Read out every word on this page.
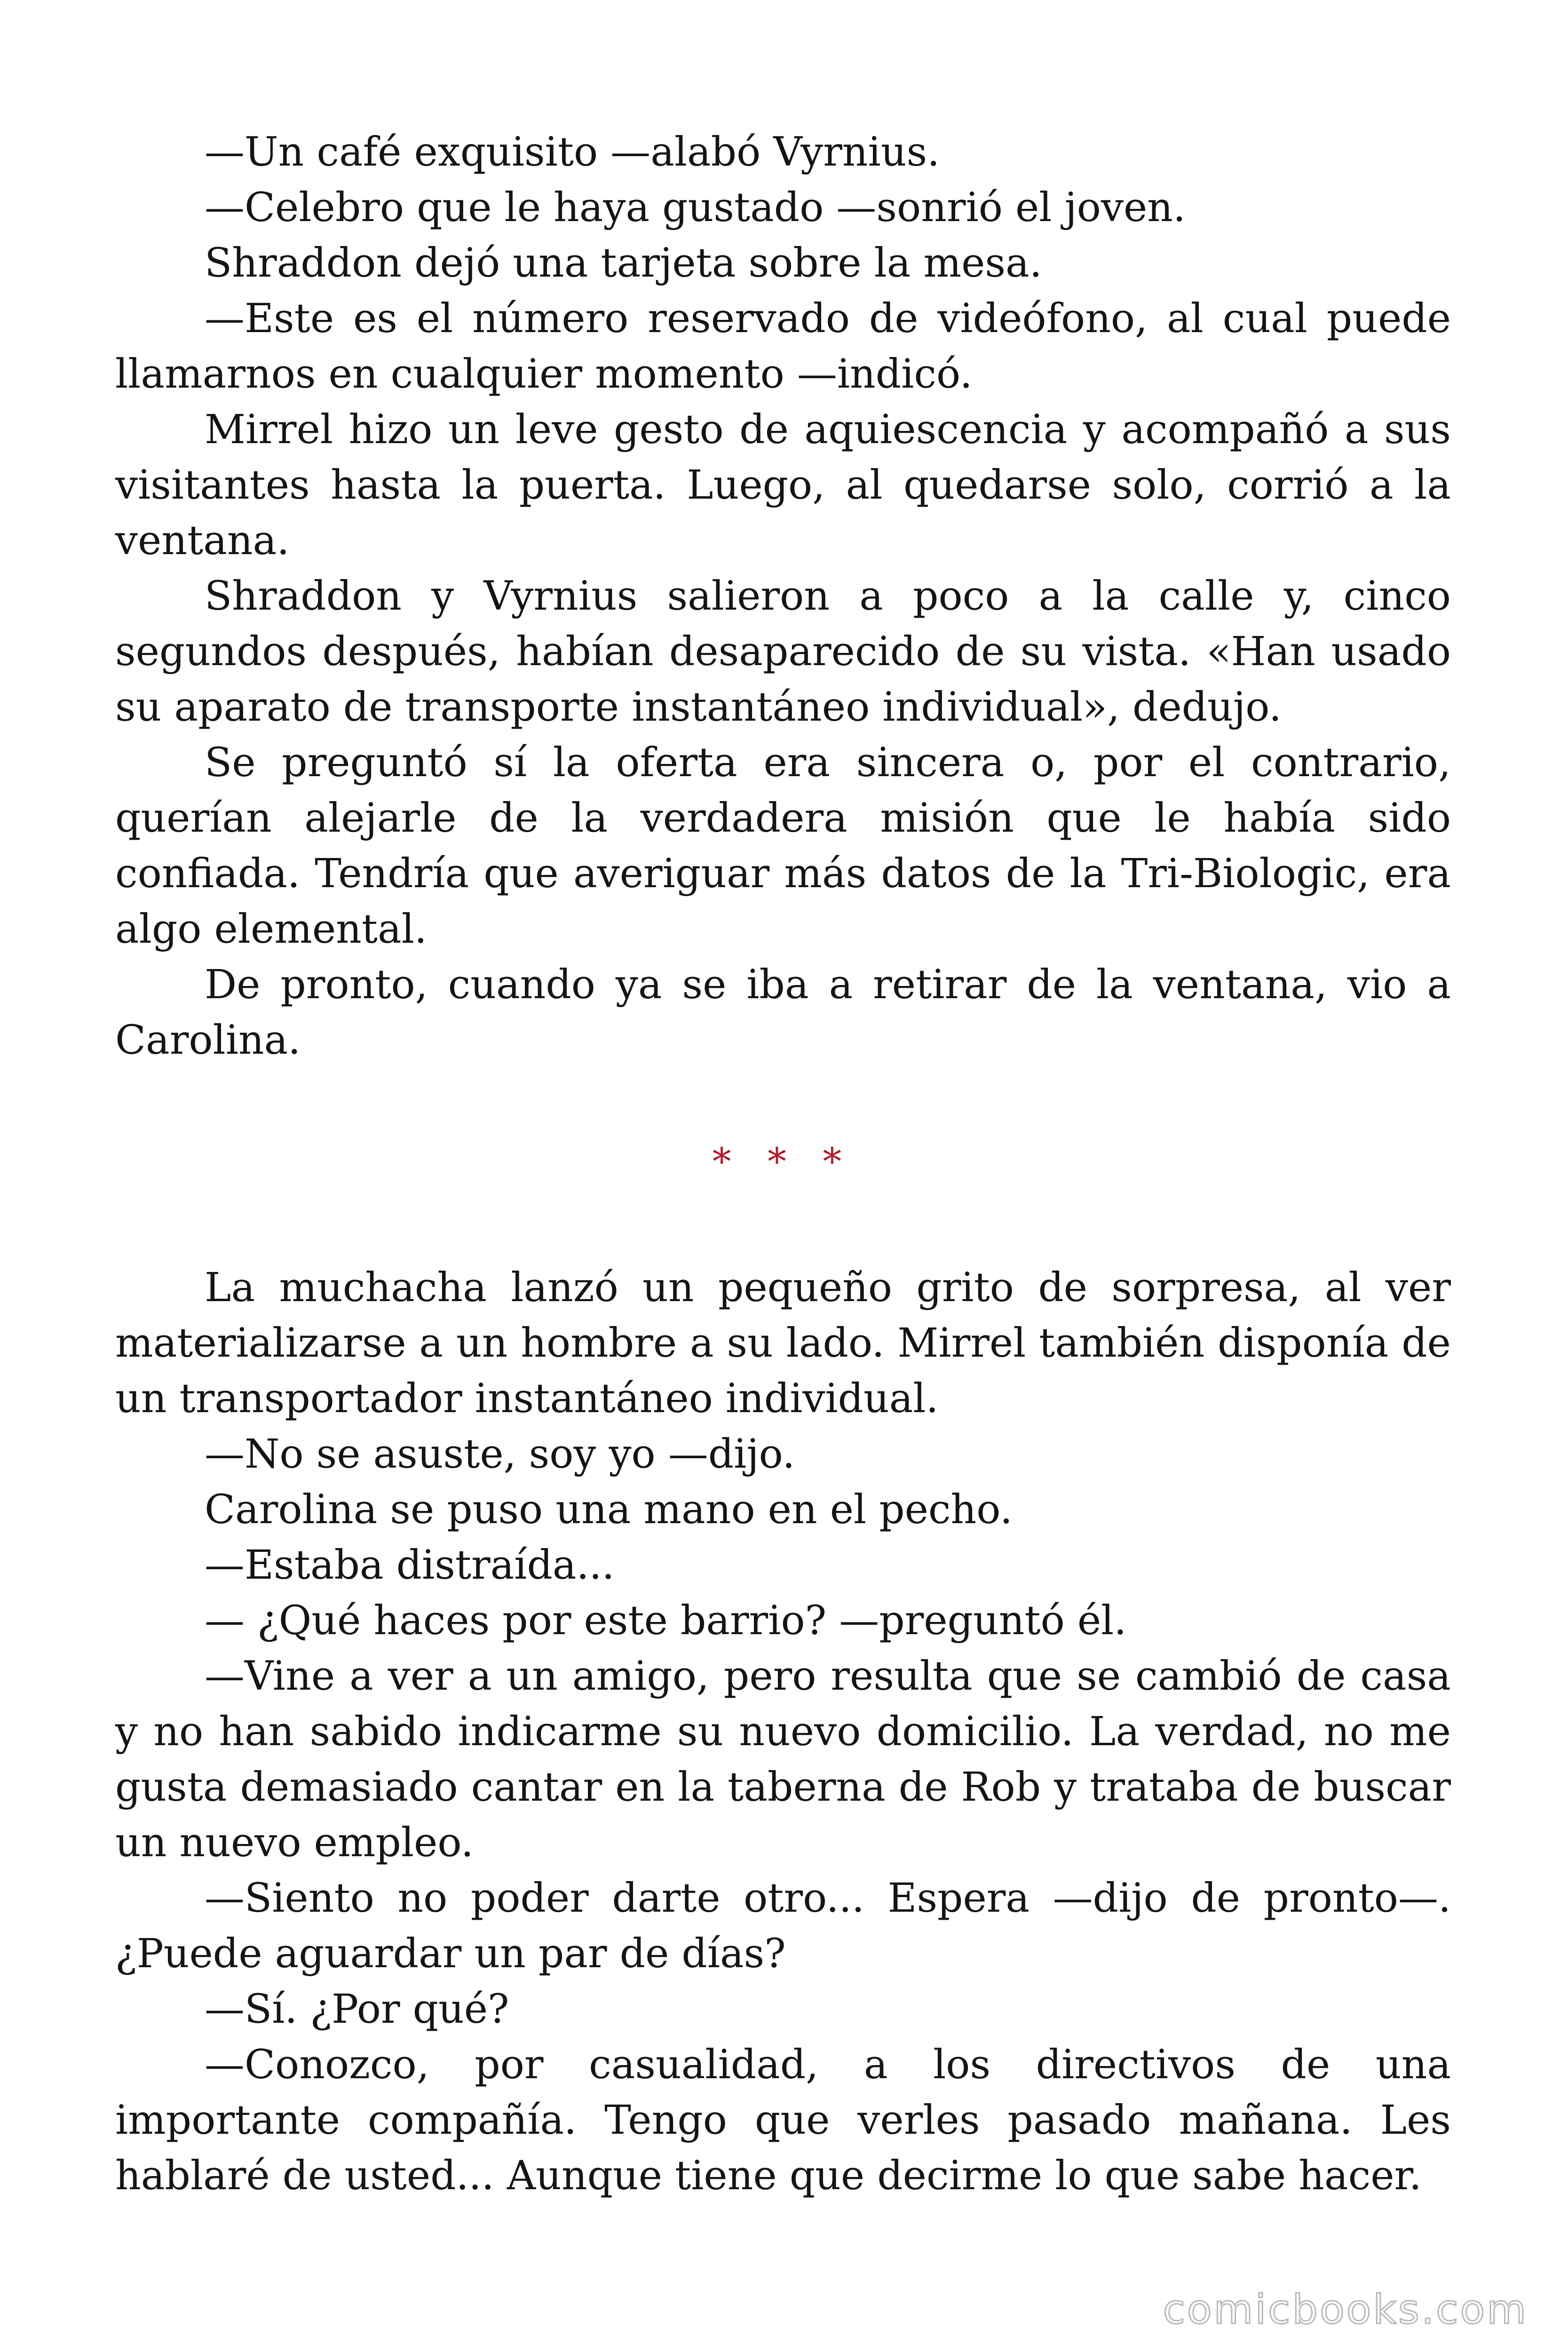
—Un café exquisito —alabó Vyrnius.

—Celebro que le haya gustado —sonrió el joven.

Shraddon dejó una tarjeta sobre la mesa.

—Este es el número reservado de videófono, al cual puede llamarnos en cualquier momento —indicó.

Mirrel hizo un leve gesto de aquiescencia y acompañó a sus visitantes hasta la puerta. Luego, al quedarse solo, corrió a la ventana.

Shraddon y Vyrnius salieron a poco a la calle y, cinco segundos después, habían desaparecido de su vista. «Han usado su aparato de transporte instantáneo individual», dedujo.

Se preguntó sí la oferta era sincera o, por el contrario, querían alejarle de la verdadera misión que le había sido confiada. Tendría que averiguar más datos de la Tri-Biologic, era algo elemental.

De pronto, cuando ya se iba a retirar de la ventana, vio a Carolina.

* * *

La muchacha lanzó un pequeño grito de sorpresa, al ver materializarse a un hombre a su lado. Mirrel también disponía de un transportador instantáneo individual.

—No se asuste, soy yo —dijo.

Carolina se puso una mano en el pecho.

—Estaba distraída...

— ¿Qué haces por este barrio? —preguntó él.

—Vine a ver a un amigo, pero resulta que se cambió de casa y no han sabido indicarme su nuevo domicilio. La verdad, no me gusta demasiado cantar en la taberna de Rob y trataba de buscar un nuevo empleo.

—Siento no poder darte otro... Espera —dijo de pronto—. ¿Puede aguardar un par de días?

—Sí. ¿Por qué?

—Conozco, por casualidad, a los directivos de una importante compañía. Tengo que verles pasado mañana. Les hablaré de usted... Aunque tiene que decirme lo que sabe hacer.

comicbooks.com
